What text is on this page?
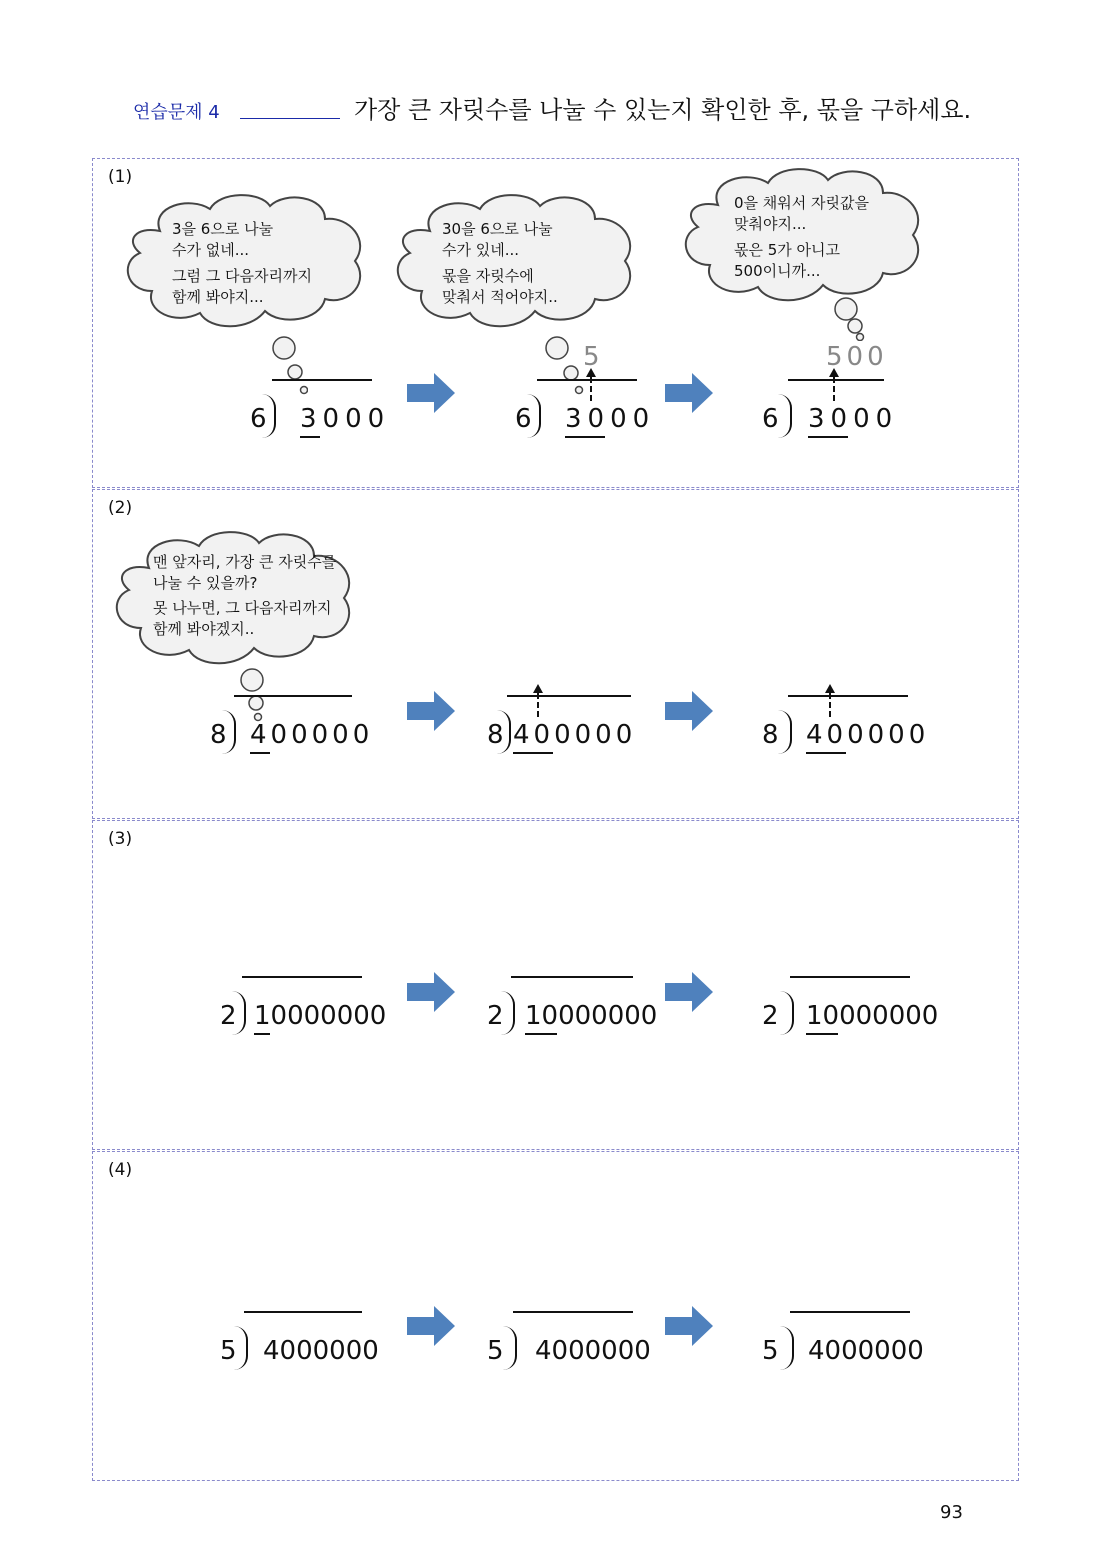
연습문제 4	가장 큰 자릿수를 나눌 수 있는지 확인한 후, 몫을 구하세요.
(1)
3을 6으로 나눌
수가 없네...
그럼 그 다음자리까지
함께 봐야지...
30을 6으로 나눌
수가 있네...
몫을 자릿수에
맞춰서 적어야지..
0을 채워서 자릿값을
맞춰야지...
몫은 5가 아니고
500이니까...
6 3000
5
6 3000
500
6 3000
(2)
맨 앞자리, 가장 큰 자릿수를
나눌 수 있을까?
못 나누면, 그 다음자리까지
함께 봐야겠지..
8 400000	8 400000	8 400000
(3)
2 10000000	2 10000000	2 10000000
(4)
5 4000000	5 4000000	5 4000000
93
